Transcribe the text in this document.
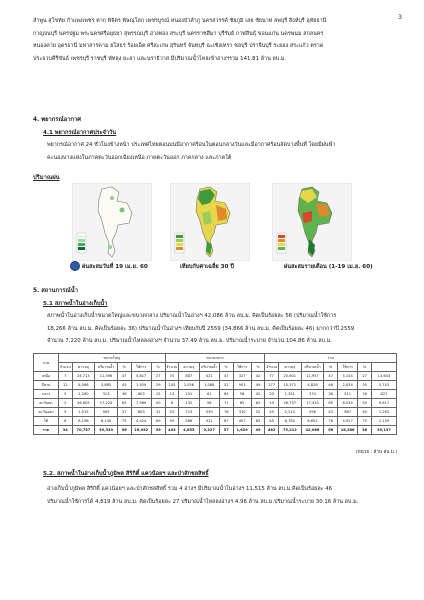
3
ลำพูน สุโขทัย กำแพงเพชร ตาก พิจิตร พิษณุโลก เพชรบูรณ์ หนองบัวลำภู นครสวรรค์ ชัยภูมิ เลย ชัยนาท ลพบุรี สิงห์บุรี อุทัยธานี
กาญจนบุรี นครปฐม พระนครศรีอยุธยา สุพรรณบุรี อ่างทอง สระบุรี นครราชสีมา บุรีรัมย์ กาฬสินธุ์ ขอนแก่น นครพนม สกลนคร
หนองคาย อุดรธานี มหาสารคาม ยโสธร ร้อยเอ็ด ศรีสะเกษ สุรินทร์ จันทบุรี ฉะเชิงเทรา ชลบุรี ปราจีนบุรี ระยอง สระแก้ว ตราด
ประจวบคีรีขันธ์ เพชรบุรี ราชบุรี พัทลุง ยะลา และนราธิวาส มีปริมาณน้ำไหลเข้าอ่างฯรวม 141.81 ล้าน ลบ.ม.
4. พยากรณ์อากาศ
4.1 พยากรณ์อากาศประจำวัน
พยากรณ์อากาศ 24 ชั่วโมงข้างหน้า ประเทศไทยตอนบนมีอากาศร้อนในตอนกลางวันและมีอากาศร้อนจัดบางพื้นที่ โดยมีฝนฟ้า
คะนองบางแห่งในภาคตะวันออกเฉียงเหนือ ภาคตะวันออก ภาคกลาง และภาคใต้
ปริมาณฝน
ฝนสะสมวันที่ 19 เม.ย. 60	เทียบกับค่าเฉลี่ย 30 ปี	ฝนสะสมรายเดือน (1-19 เม.ย. 60)
5. สถานการณ์น้ำ
5.1 สภาพน้ำในอ่างเก็บน้ำ
สภาพน้ำในอ่างเก็บน้ำขนาดใหญ่และขนาดกลาง ปริมาณน้ำในอ่างฯ 42,086 ล้าน ลบ.ม. คิดเป็นร้อยละ 56 (ปริมาณน้ำใช้การ
18,266 ล้าน ลบ.ม. คิดเป็นร้อยละ 36) ปริมาณน้ำในอ่างฯ เทียบกับปี 2559 (34,866 ล้าน ลบ.ม. คิดเป็นร้อยละ 46) มากกว่าปี 2559
จำนวน 7,220 ล้าน ลบ.ม. ปริมาณน้ำไหลลงอ่างฯ จำนวน 37.49 ล้าน ลบ.ม. ปริมาณน้ำระบาย จำนวน 104.86 ล้าน ลบ.ม.
ภาค	ขนาดใหญ่						ขนาดกลาง						รวม						
	จำนวน	ความจุ	ปริมาณน้ำ	%	ใช้การ	%	จำนวน	ความจุ	ปริมาณน้ำ	%	ใช้การ	%	จำนวน	ความจุ	ปริมาณน้ำ	%	ใช้การ	%	
เหนือ	7	24,713	11,596	47	4,817	27	70	887	421	47	327	42	77	25,601	11,957	47	5,144	27	13,643
อีสาน	12	8,568	3,885	45	1,929	29	243	2,056	1,088	52	903	49	277	10,572	4,828	46	2,834	35	5,743
กลาง	5	1,260	313	36	603	15	13	191	61	65	58	42	20	1,351	374	38	511	16	827
ตะวันตก	2	26,605	17,224	65	7,969	50	8	132	96	71	65	62	10	26,737	17,320	65	8,034	50	9,617
ตะวันออก	5	1,515	905	37	603	31	53	713	539	76	310	52	45	2,210	956	43	687	40	1,262
ใต้	6	8,196	6,140	75	4,424	69	59	586	512	87	407	83	45	8,782	6,652	76	4,927	70	2,139
รวม	34	70,757	39,339	56	16,052	35	443	4,655	2,327	57	1,629	49	482	75,212	42,086	56	18,266	36	35,137
(หน่วย : ล้าน ลบ.ม.)
5.2. สภาพน้ำในอ่างเก็บน้ำภูมิพล สิริกิติ์ แควน้อยฯ และป่าสักชลสิทธิ์
อ่างเก็บน้ำภูมิพล สิริกิติ์ แควน้อยฯ และป่าสักชลสิทธิ์ รวม 4 อ่างฯ มีปริมาณน้ำในอ่างฯ 11,515 ล้าน ลบ.ม.คิดเป็นร้อยละ 46
ปริมาณน้ำใช้การได้ 4,819 ล้าน ลบ.ม. คิดเป็นร้อยละ 27 ปริมาณน้ำไหลลงอ่างฯ 4.96 ล้าน ลบ.ม.ปริมาณน้ำระบาย 30.16 ล้าน ลบ.ม.
